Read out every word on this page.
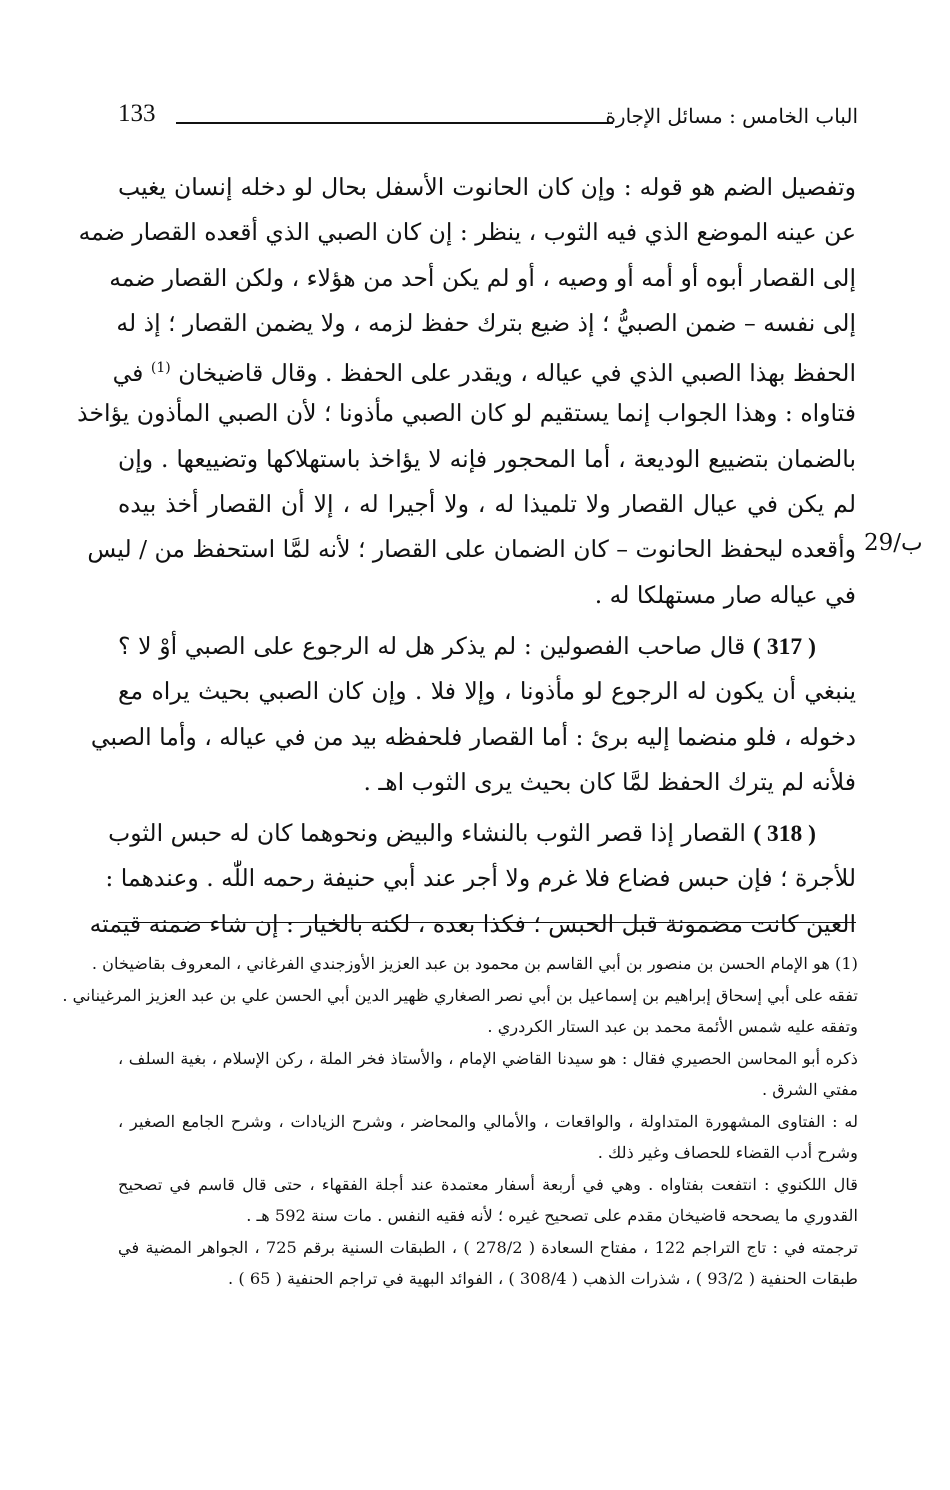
133	الباب الخامس : مسائل الإجارة
29/ب
وتفصيل الضم هو قوله : وإن كان الحانوت الأسفل بحال لو دخله إنسان يغيب
عن عينه الموضع الذي فيه الثوب ، ينظر : إن كان الصبي الذي أقعده القصار ضمه
إلى القصار أبوه أو أمه أو وصيه ، أو لم يكن أحد من هؤلاء ، ولكن القصار ضمه
إلى نفسه – ضمن الصبيُّ ؛ إذ ضيع بترك حفظ لزمه ، ولا يضمن القصار ؛ إذ له
الحفظ بهذا الصبي الذي في عياله ، ويقدر على الحفظ . وقال قاضيخان $^{(1)}$ في
فتاواه : وهذا الجواب إنما يستقيم لو كان الصبي مأذونا ؛ لأن الصبي المأذون يؤاخذ
بالضمان بتضييع الوديعة ، أما المحجور فإنه لا يؤاخذ باستهلاكها وتضييعها . وإن
لم يكن في عيال القصار ولا تلميذا له ، ولا أجيرا له ، إلا أن القصار أخذ بيده
وأقعده ليحفظ الحانوت – كان الضمان على القصار ؛ لأنه لمَّا استحفظ من / ليس
في عياله صار مستهلكا له .
( 317 ) قال صاحب الفصولين : لم يذكر هل له الرجوع على الصبي أوْ لا ؟
ينبغي أن يكون له الرجوع لو مأذونا ، وإلا فلا . وإن كان الصبي بحيث يراه مع
دخوله ، فلو منضما إليه برئ : أما القصار فلحفظه بيد من في عياله ، وأما الصبي
فلأنه لم يترك الحفظ لمَّا كان بحيث يرى الثوب اهـ .
( 318 ) القصار إذا قصر الثوب بالنشاء والبيض ونحوهما كان له حبس الثوب
للأجرة ؛ فإن حبس فضاع فلا غرم ولا أجر عند أبي حنيفة رحمه اللّٰه . وعندهما :
العين كانت مضمونة قبل الحبس ؛ فكذا بعده ، لكنه بالخيار : إن شاء ضمنه قيمته
(1) هو الإمام الحسن بن منصور بن أبي القاسم بن محمود بن عبد العزيز الأوزجندي الفرغاني ، المعروف بقاضيخان .
تفقه على أبي إسحاق إبراهيم بن إسماعيل بن أبي نصر الصغاري ظهير الدين أبي الحسن علي بن عبد العزيز المرغيناني .
وتفقه عليه شمس الأئمة محمد بن عبد الستار الكردري .
ذكره أبو المحاسن الحصيري فقال : هو سيدنا القاضي الإمام ، والأستاذ فخر الملة ، ركن الإسلام ، بغية السلف ،
مفتي الشرق .
له : الفتاوى المشهورة المتداولة ، والواقعات ، والأمالي والمحاضر ، وشرح الزيادات ، وشرح الجامع الصغير ،
وشرح أدب القضاء للحصاف وغير ذلك .
قال اللكنوي : انتفعت بفتاواه . وهي في أربعة أسفار معتمدة عند أجلة الفقهاء ، حتى قال قاسم في تصحيح
القدوري ما يصححه قاضيخان مقدم على تصحيح غيره ؛ لأنه فقيه النفس . مات سنة 592 هـ .
ترجمته في : تاج التراجم 122 ، مفتاح السعادة ( 278/2 ) ، الطبقات السنية برقم 725 ، الجواهر المضية في
طبقات الحنفية ( 93/2 ) ، شذرات الذهب ( 308/4 ) ، الفوائد البهية في تراجم الحنفية ( 65 ) .
